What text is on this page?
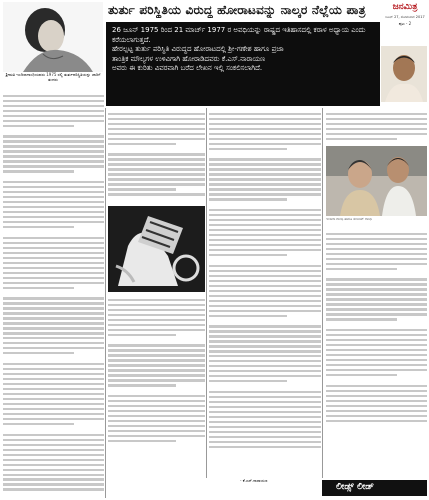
ಶ್ರೀಮತಿ ಇಂದಿರಾಗಾಂಧಿಯವರು 1975 ರಲ್ಲಿ ತುರ್ತುಪರಿಸ್ಥಿತಿಯನ್ನು ಜಾರಿಗೆ ತಂದರು
ತುರ್ತು ಪರಿಸ್ಥಿತಿಯ ವಿರುದ್ಧ ಹೋರಾಟವನ್ನು ನಾಲ್ಕರ ನೆಲ್ಲೆಯ ಪಾತ್ರ	ಜನಮಿತ್ರ
ಜೂನ್ 27, ಸೋಮವಾರ 2017
ಪುಟ - 2

26 ಜೂನ್ 1975 ರಿಂದ 21 ಮಾರ್ಚ್ 1977 ರ ಅವಧಿಯನ್ನು ರಾಷ್ಟ್ರದ ಇತಿಹಾಸದಲ್ಲಿ ಕರಾಳ ಅಧ್ಯಾಯ ಎಂದು ಕರೆಯಲಾಗುತ್ತದೆ.

ಹೇರಲ್ಪಟ್ಟ ತುರ್ತು ಪರಿಸ್ಥಿತಿ ವಿರುದ್ಧದ ಹೋರಾಟದಲ್ಲಿ ಶ್ರೀ-ಗಣೇಶ ಹಾಗೂ ಪ್ರಜಾ

ತಾಂತ್ರಿಕ ಮೌಲ್ಯಗಳ ಉಳಿವಿಗಾಗಿ ಹೋರಾಡಿದವರು ಕೆ.ಎಸ್.ನಾರಾಯಣ

ಅವರು ಈ ಕುರಿತು ವಿವರವಾಗಿ ಬರೆದ ಲೇಖನ ಇಲ್ಲಿ ಸಂಕಲಿಸಲಾಗಿದೆ.

ಇಂದಿರಾ ಗಾಂಧಿ ಹಾಗೂ ಸಂಜಯ್ ಗಾಂಧಿ
- ಕೆ.ಎಸ್.ನಾರಾಯಣ
ಲೀಡ್ಸ್ ಲೀಡ್
